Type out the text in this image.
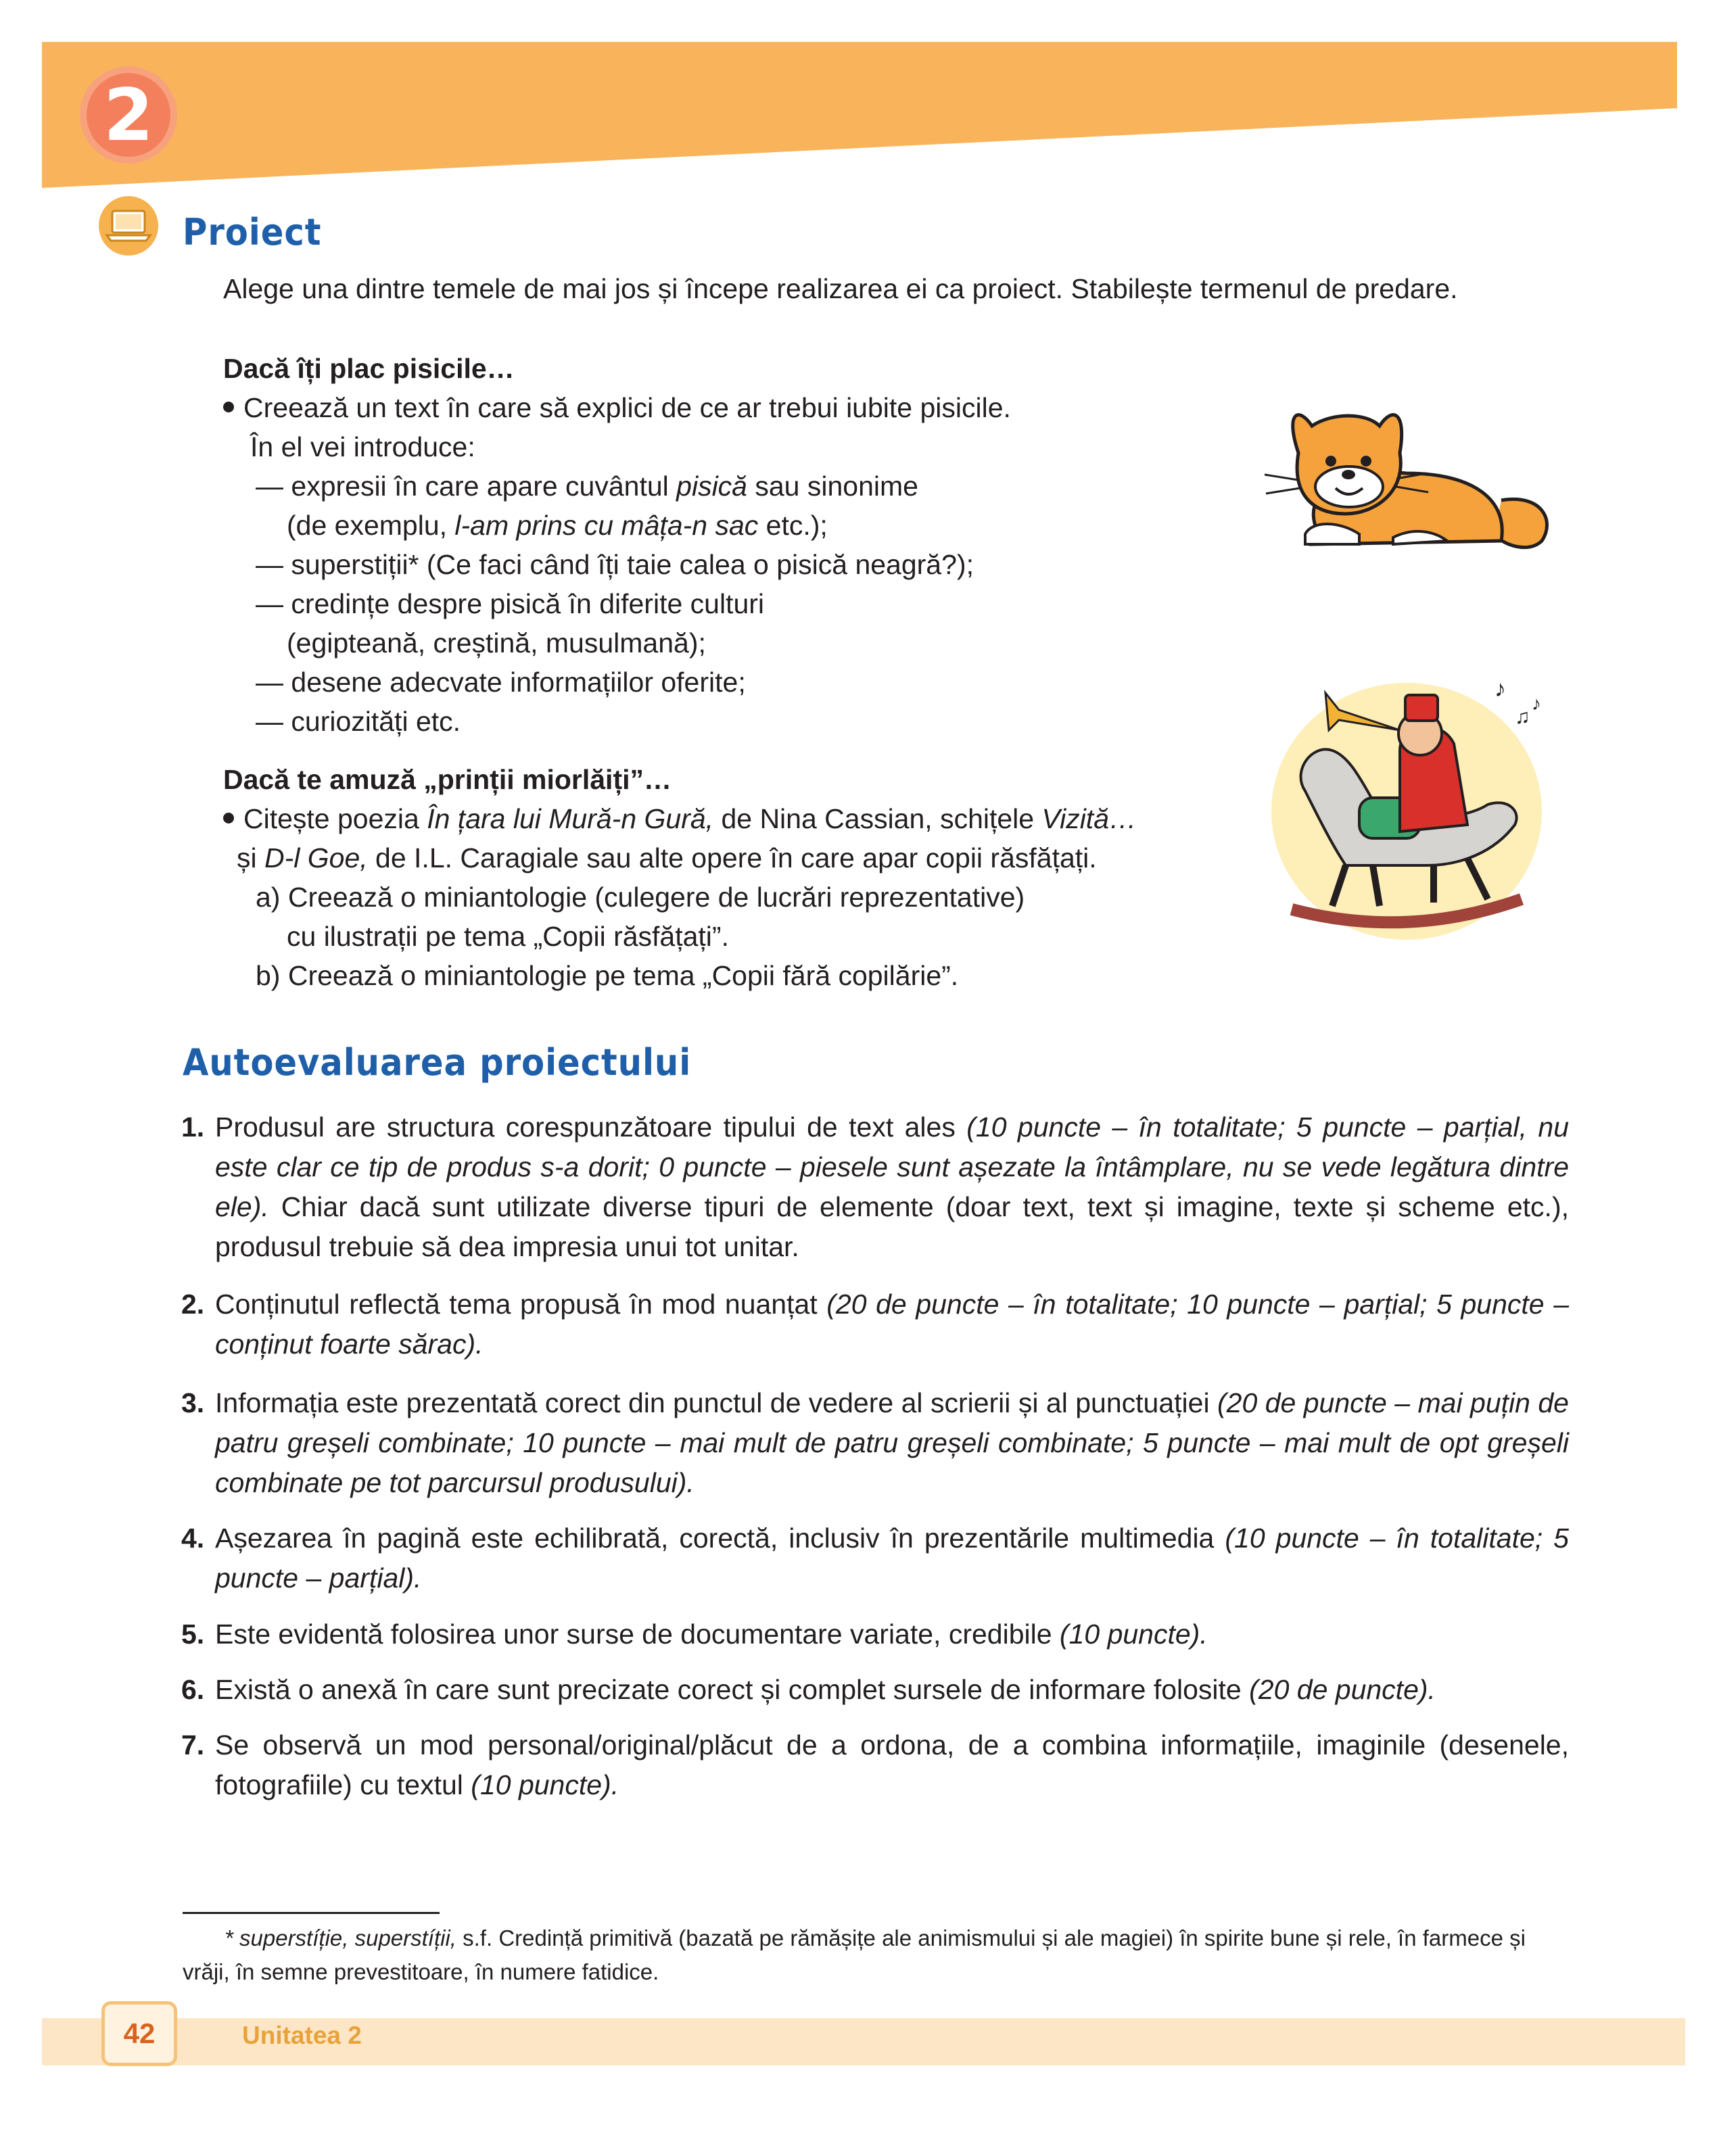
2
Proiect
Alege una dintre temele de mai jos și începe realizarea ei ca proiect. Stabilește termenul de predare.
Dacă îți plac pisicile…
Creează un text în care să explici de ce ar trebui iubite pisicile.
În el vei introduce:
— expresii în care apare cuvântul pisică sau sinonime
(de exemplu, l-am prins cu mâța-n sac etc.);
— superstiții* (Ce faci când îți taie calea o pisică neagră?);
— credințe despre pisică în diferite culturi
(egipteană, creștină, musulmană);
— desene adecvate informațiilor oferite;
— curiozități etc.
Dacă te amuză „prinții miorlăiți”…
Citește poezia În țara lui Mură-n Gură, de Nina Cassian, schițele Vizită…
și D-l Goe, de I.L. Caragiale sau alte opere în care apar copii răsfățați.
a) Creează o miniantologie (culegere de lucrări reprezentative)
cu ilustrații pe tema „Copii răsfățați”.
b) Creează o miniantologie pe tema „Copii fără copilărie”.
♪
♫
♪
Autoevaluarea proiectului
1. Produsul are structura corespunzătoare tipului de text ales (10 puncte – în totalitate; 5 puncte – parțial, nu este clar ce tip de produs s-a dorit; 0 puncte – piesele sunt așezate la întâmplare, nu se vede legătura dintre ele). Chiar dacă sunt utilizate diverse tipuri de elemente (doar text, text și imagine, texte și scheme etc.), produsul trebuie să dea impresia unui tot unitar.
2. Conținutul reflectă tema propusă în mod nuanțat (20 de puncte – în totalitate; 10 puncte – parțial; 5 puncte – conținut foarte sărac).
3. Informația este prezentată corect din punctul de vedere al scrierii și al punctuației (20 de puncte – mai puțin de patru greșeli combinate; 10 puncte – mai mult de patru greșeli combinate; 5 puncte – mai mult de opt greșeli combinate pe tot parcursul produsului).
4. Așezarea în pagină este echilibrată, corectă, inclusiv în prezentările multimedia (10 puncte – în totalitate; 5 puncte – parțial).
5. Este evidentă folosirea unor surse de documentare variate, credibile (10 puncte).
6. Există o anexă în care sunt precizate corect și complet sursele de informare folosite (20 de puncte).
7. Se observă un mod personal/original/plăcut de a ordona, de a combina informațiile, imaginile (desenele, fotografiile) cu textul (10 puncte).
* superstíție, superstíții, s.f. Credință primitivă (bazată pe rămășițe ale animismului și ale magiei) în spirite bune și rele, în farmece și vrăji, în semne prevestitoare, în numere fatidice.
42	Unitatea 2
